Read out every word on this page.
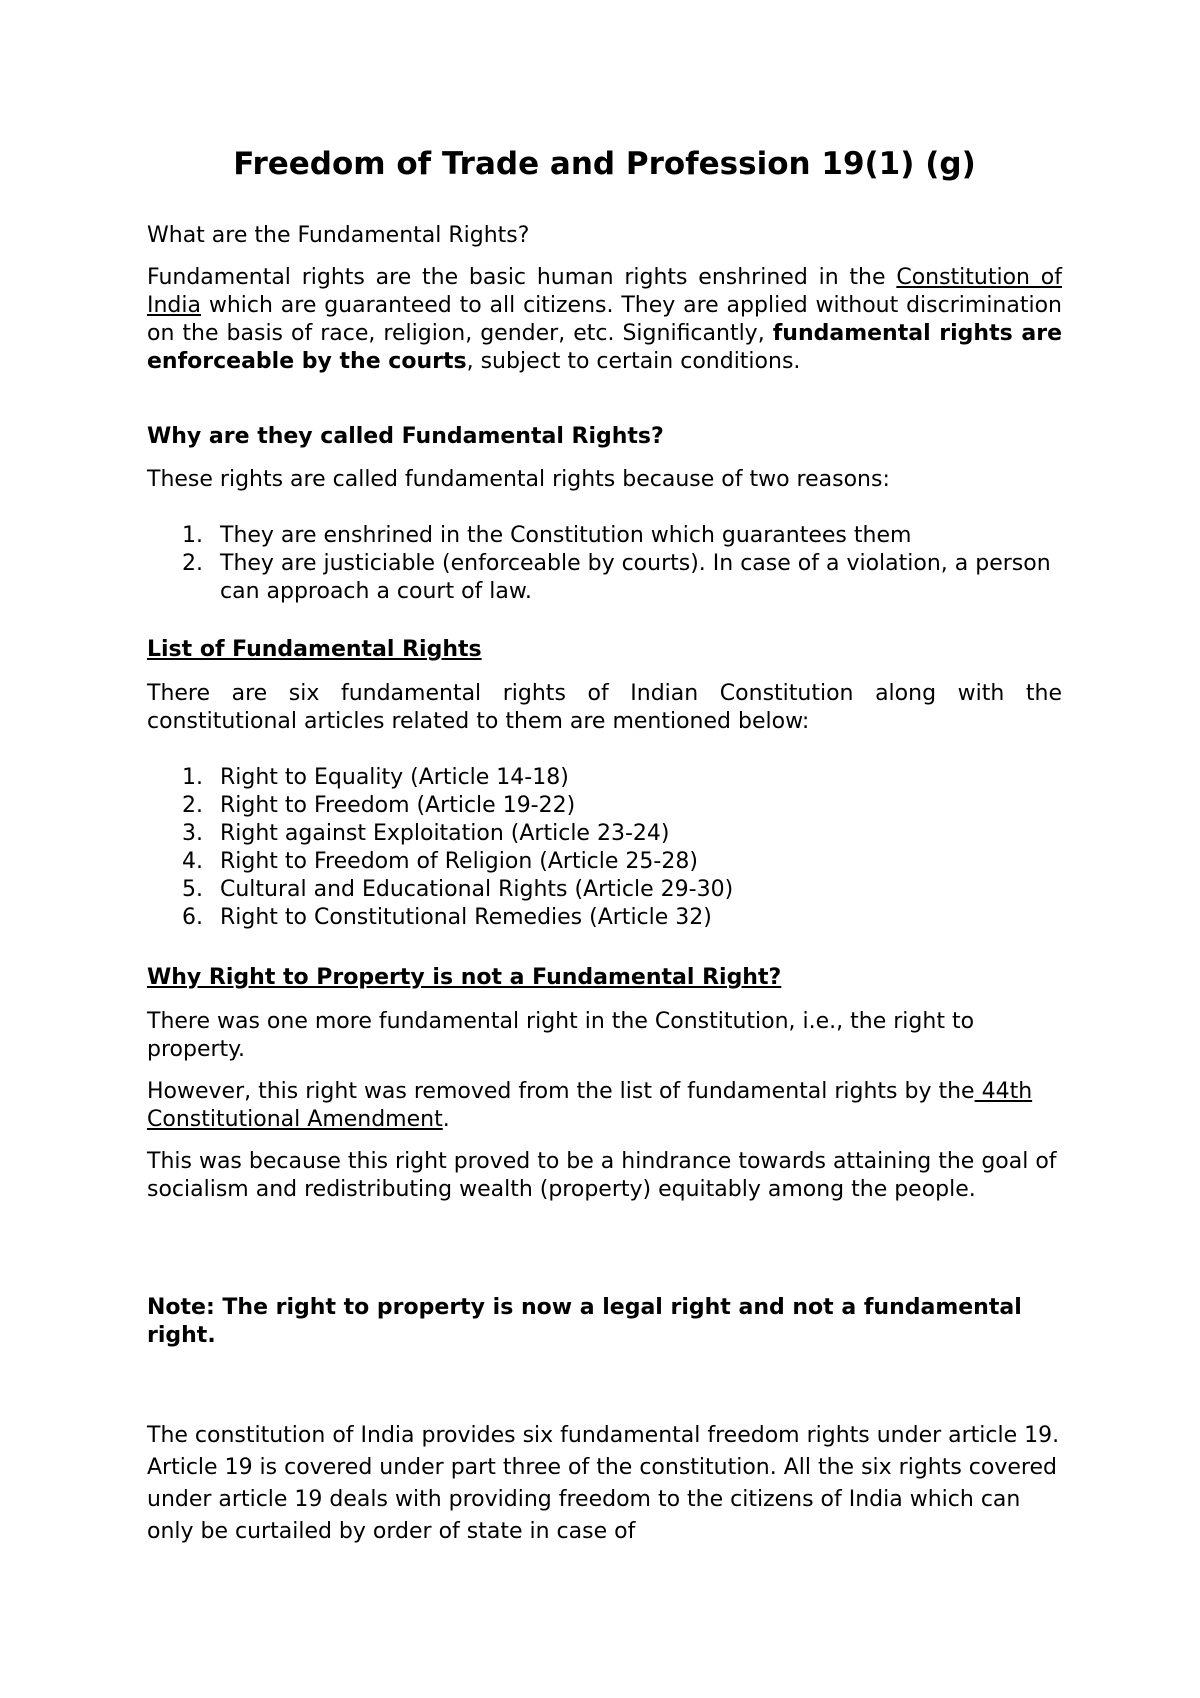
Freedom of Trade and Profession 19(1) (g)

What are the Fundamental Rights?

Fundamental rights are the basic human rights enshrined in the Constitution of India which are guaranteed to all citizens. They are applied without discrimination on the basis of race, religion, gender, etc. Significantly, fundamental rights are enforceable by the courts, subject to certain conditions.

Why are they called Fundamental Rights?

These rights are called fundamental rights because of two reasons:

1. They are enshrined in the Constitution which guarantees them
2. They are justiciable (enforceable by courts). In case of a violation, a person can approach a court of law.
List of Fundamental Rights

There are six fundamental rights of Indian Constitution along with the constitutional articles related to them are mentioned below:

1. Right to Equality (Article 14-18)
2. Right to Freedom (Article 19-22)
3. Right against Exploitation (Article 23-24)
4. Right to Freedom of Religion (Article 25-28)
5. Cultural and Educational Rights (Article 29-30)
6. Right to Constitutional Remedies (Article 32)
Why Right to Property is not a Fundamental Right?

There was one more fundamental right in the Constitution, i.e., the right to property.

However, this right was removed from the list of fundamental rights by the 44th Constitutional Amendment.

This was because this right proved to be a hindrance towards attaining the goal of socialism and redistributing wealth (property) equitably among the people.

Note: The right to property is now a legal right and not a fundamental right.

The constitution of India provides six fundamental freedom rights under article 19. Article 19 is covered under part three of the constitution. All the six rights covered under article 19 deals with providing freedom to the citizens of India which can only be curtailed by order of state in case of
